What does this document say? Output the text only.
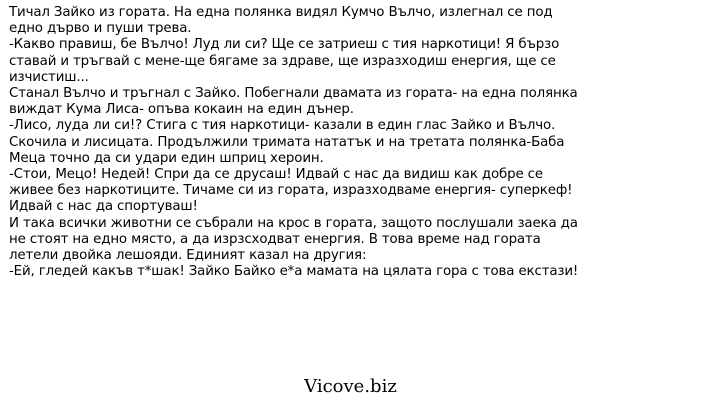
Тичал Зайко из гората. На една полянка видял Кумчо Вълчо, излегнал се под едно дърво и пуши трева.

-Какво правиш, бе Вълчо! Луд ли си? Ще се затриеш с тия наркотици! Я бързо ставай и тръгвай с мене-ще бягаме за здраве, ще изразходиш енергия, ще се изчистиш...

Станал Вълчо и тръгнал с Зайко. Побегнали двамата из гората- на една полянка виждат Кума Лиса- опъва кокаин на един дънер.

-Лисо, луда ли си!? Стига с тия наркотици- казали в един глас Зайко и Вълчо.

Скочила и лисицата. Продължили тримата нататък и на третата полянка-Баба Меца точно да си удари един шприц хероин.

-Стои, Мецо! Недей! Спри да се друсаш! Идвай с нас да видиш как добре се живее без наркотиците. Тичаме си из гората, изразходваме енергия- суперкеф! Идвай с нас да спортуваш!

И така всички животни се събрали на крос в гората, защото послушали заека да не стоят на едно място, а да изрзсходват енергия. В това време над гората летели двойка лешояди. Единият казал на другия:

-Ей, гледей какъв т*шак! Зайко Байко е*а мамата на цялата гора с това екстази!

Vicove.biz
